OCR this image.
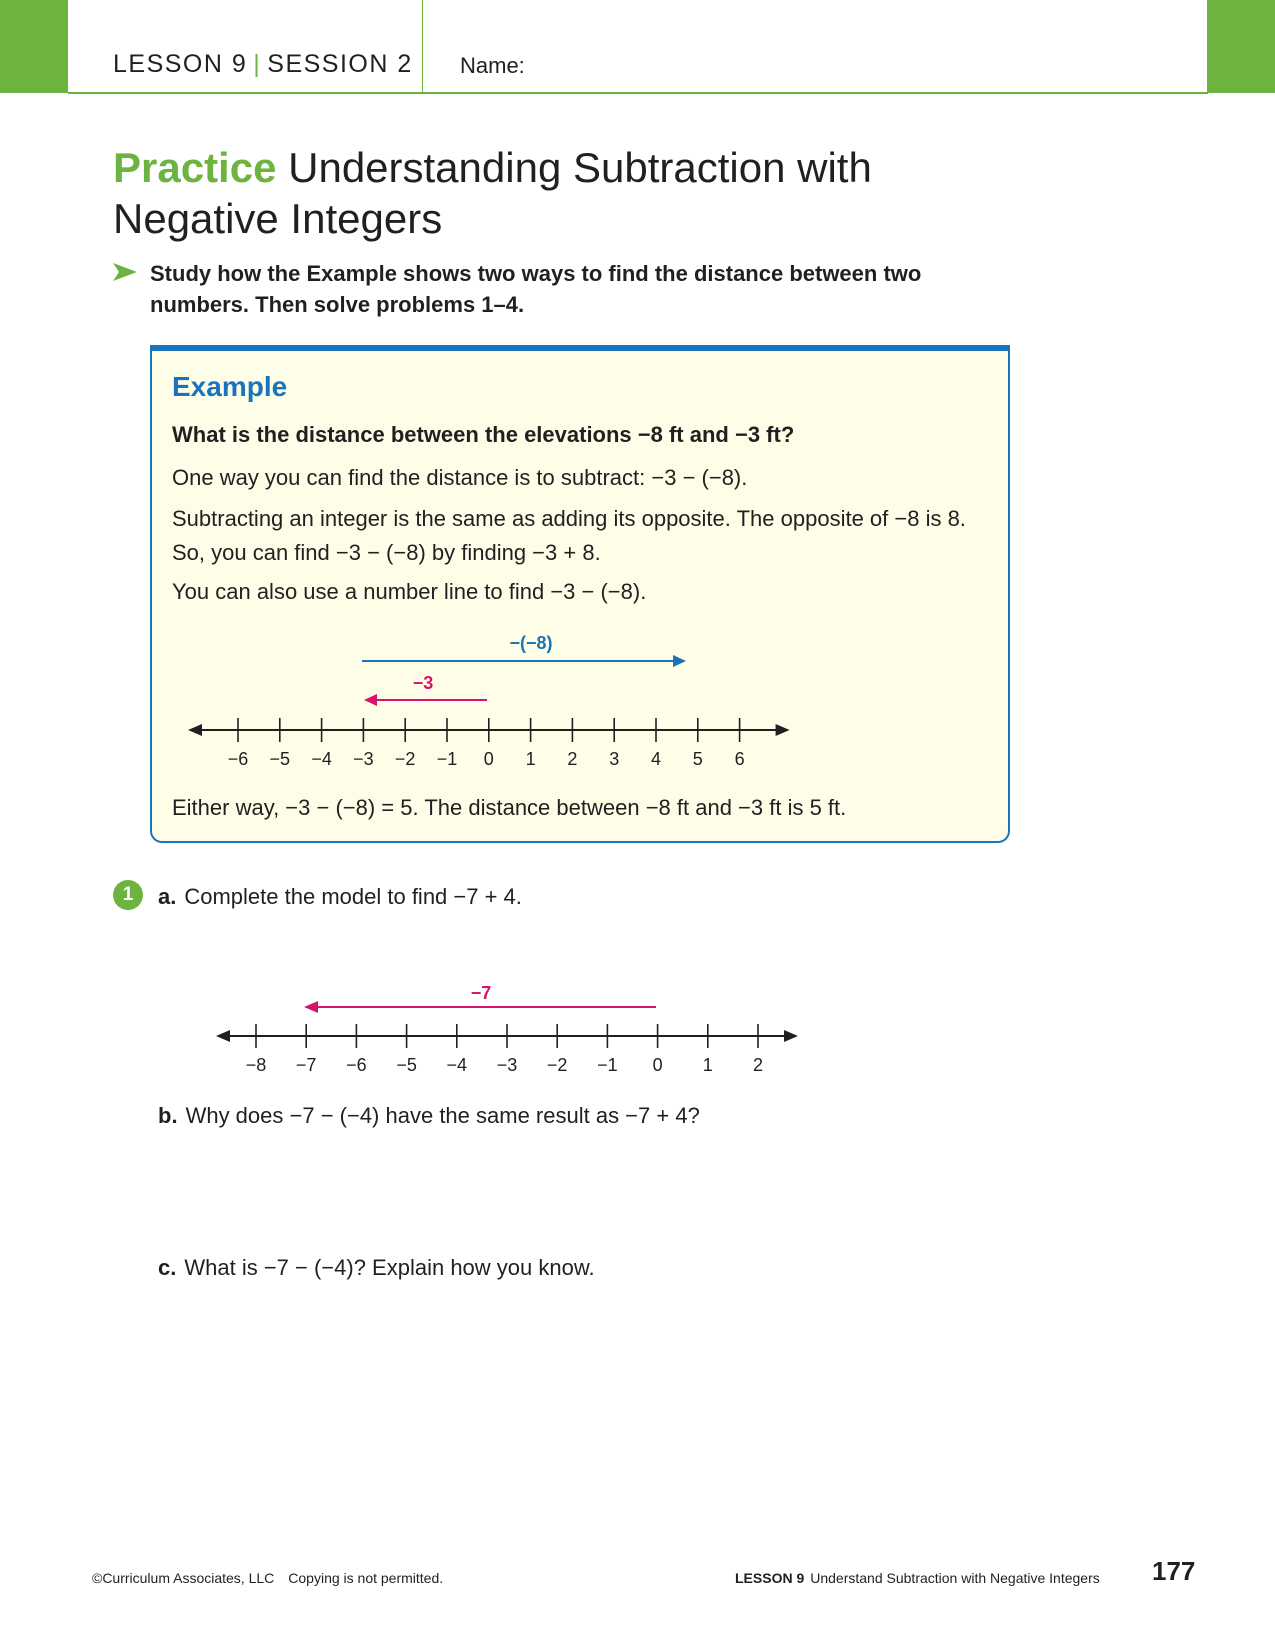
LESSON 9 | SESSION 2 Name:
Practice Understanding Subtraction with Negative Integers

Study how the Example shows two ways to find the distance between two numbers. Then solve problems 1–4.

Example
What is the distance between the elevations −8 ft and −3 ft?
One way you can find the distance is to subtract: −3 − (−8).
Subtracting an integer is the same as adding its opposite. The opposite of −8 is 8. So, you can find −3 − (−8) by finding −3 + 8.
You can also use a number line to find −3 − (−8).
−6 −5 −4 −3 −2 −1 0 1 2 3 4 5 6
−(−8)
−3
Either way, −3 − (−8) = 5. The distance between −8 ft and −3 ft is 5 ft.
1	a. Complete the model to find −7 + 4.
−8 −7 −6 −5 −4 −3 −2 −1 0 1 2
−7
b. Why does −7 − (−4) have the same result as −7 + 4?
c. What is −7 − (−4)? Explain how you know.
©Curriculum Associates, LLC Copying is not permitted.	LESSON 9 Understand Subtraction with Negative Integers 177
